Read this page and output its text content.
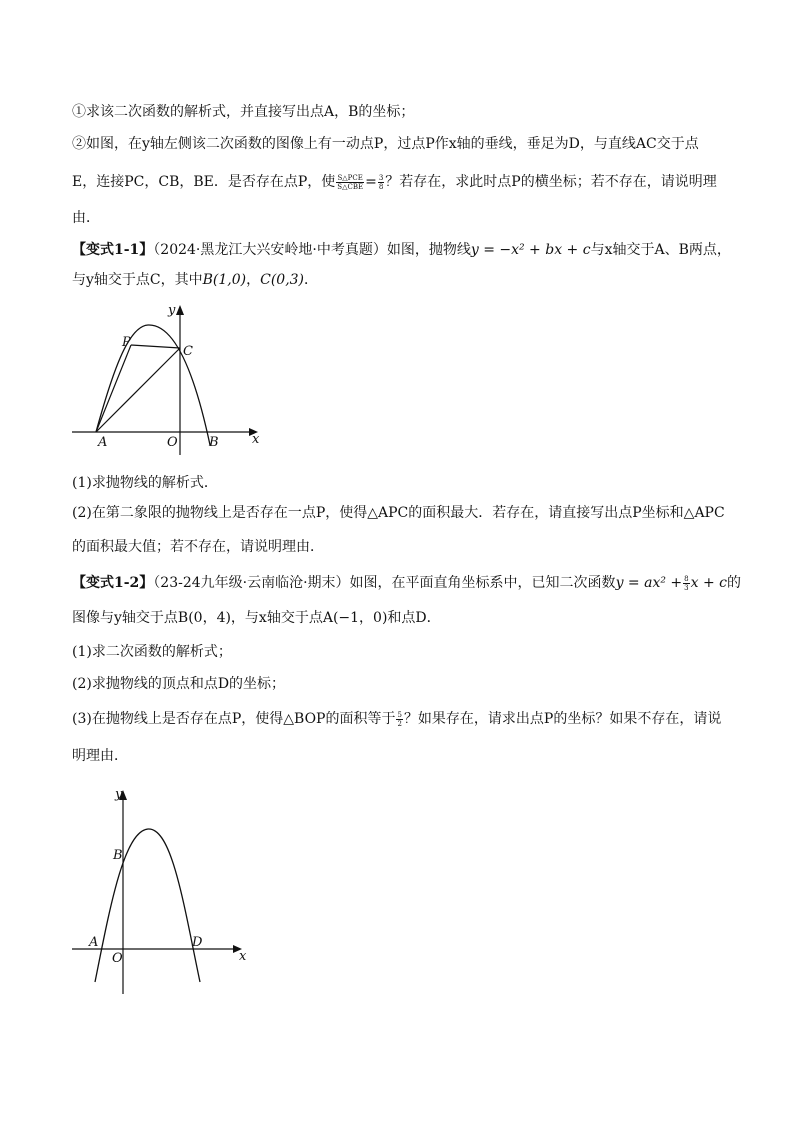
①求该二次函数的解析式，并直接写出点A，B的坐标；
②如图，在y轴左侧该二次函数的图像上有一动点P，过点P作x轴的垂线，垂足为D，与直线AC交于点
E，连接PC，CB，BE．是否存在点P，使 $\frac{\text{S△PCE}}{\text{S△CBE}} = \frac{3}{8}$ ？若存在，求此时点P的横坐标；若不存在，请说明理
由．
【变式1-1】（2024·黑龙江大兴安岭地·中考真题）如图，抛物线y = −x² + bx + c与x轴交于A、B两点，
与y轴交于点C，其中B(1,0)，C(0,3)．
y
P
C
A	O B	x
(1)求抛物线的解析式．
(2)在第二象限的抛物线上是否存在一点P，使得△APC的面积最大．若存在，请直接写出点P坐标和△APC
的面积最大值；若不存在，请说明理由．
【变式1-2】（23-24九年级·云南临沧·期末）如图，在平面直角坐标系中，已知二次函数$y = ax^2 + \frac{8}{3}$ x + c的
图像与y轴交于点B(0，4)，与x轴交于点A(−1，0)和点D．
(1)求二次函数的解析式；
(2)求抛物线的顶点和点D的坐标；
(3)在抛物线上是否存在点P，使得△BOP的面积等于 $\frac{5}{2}$ ？如果存在，请求出点P的坐标？如果不存在，请说
明理由．
y
B
A
O
D
x
